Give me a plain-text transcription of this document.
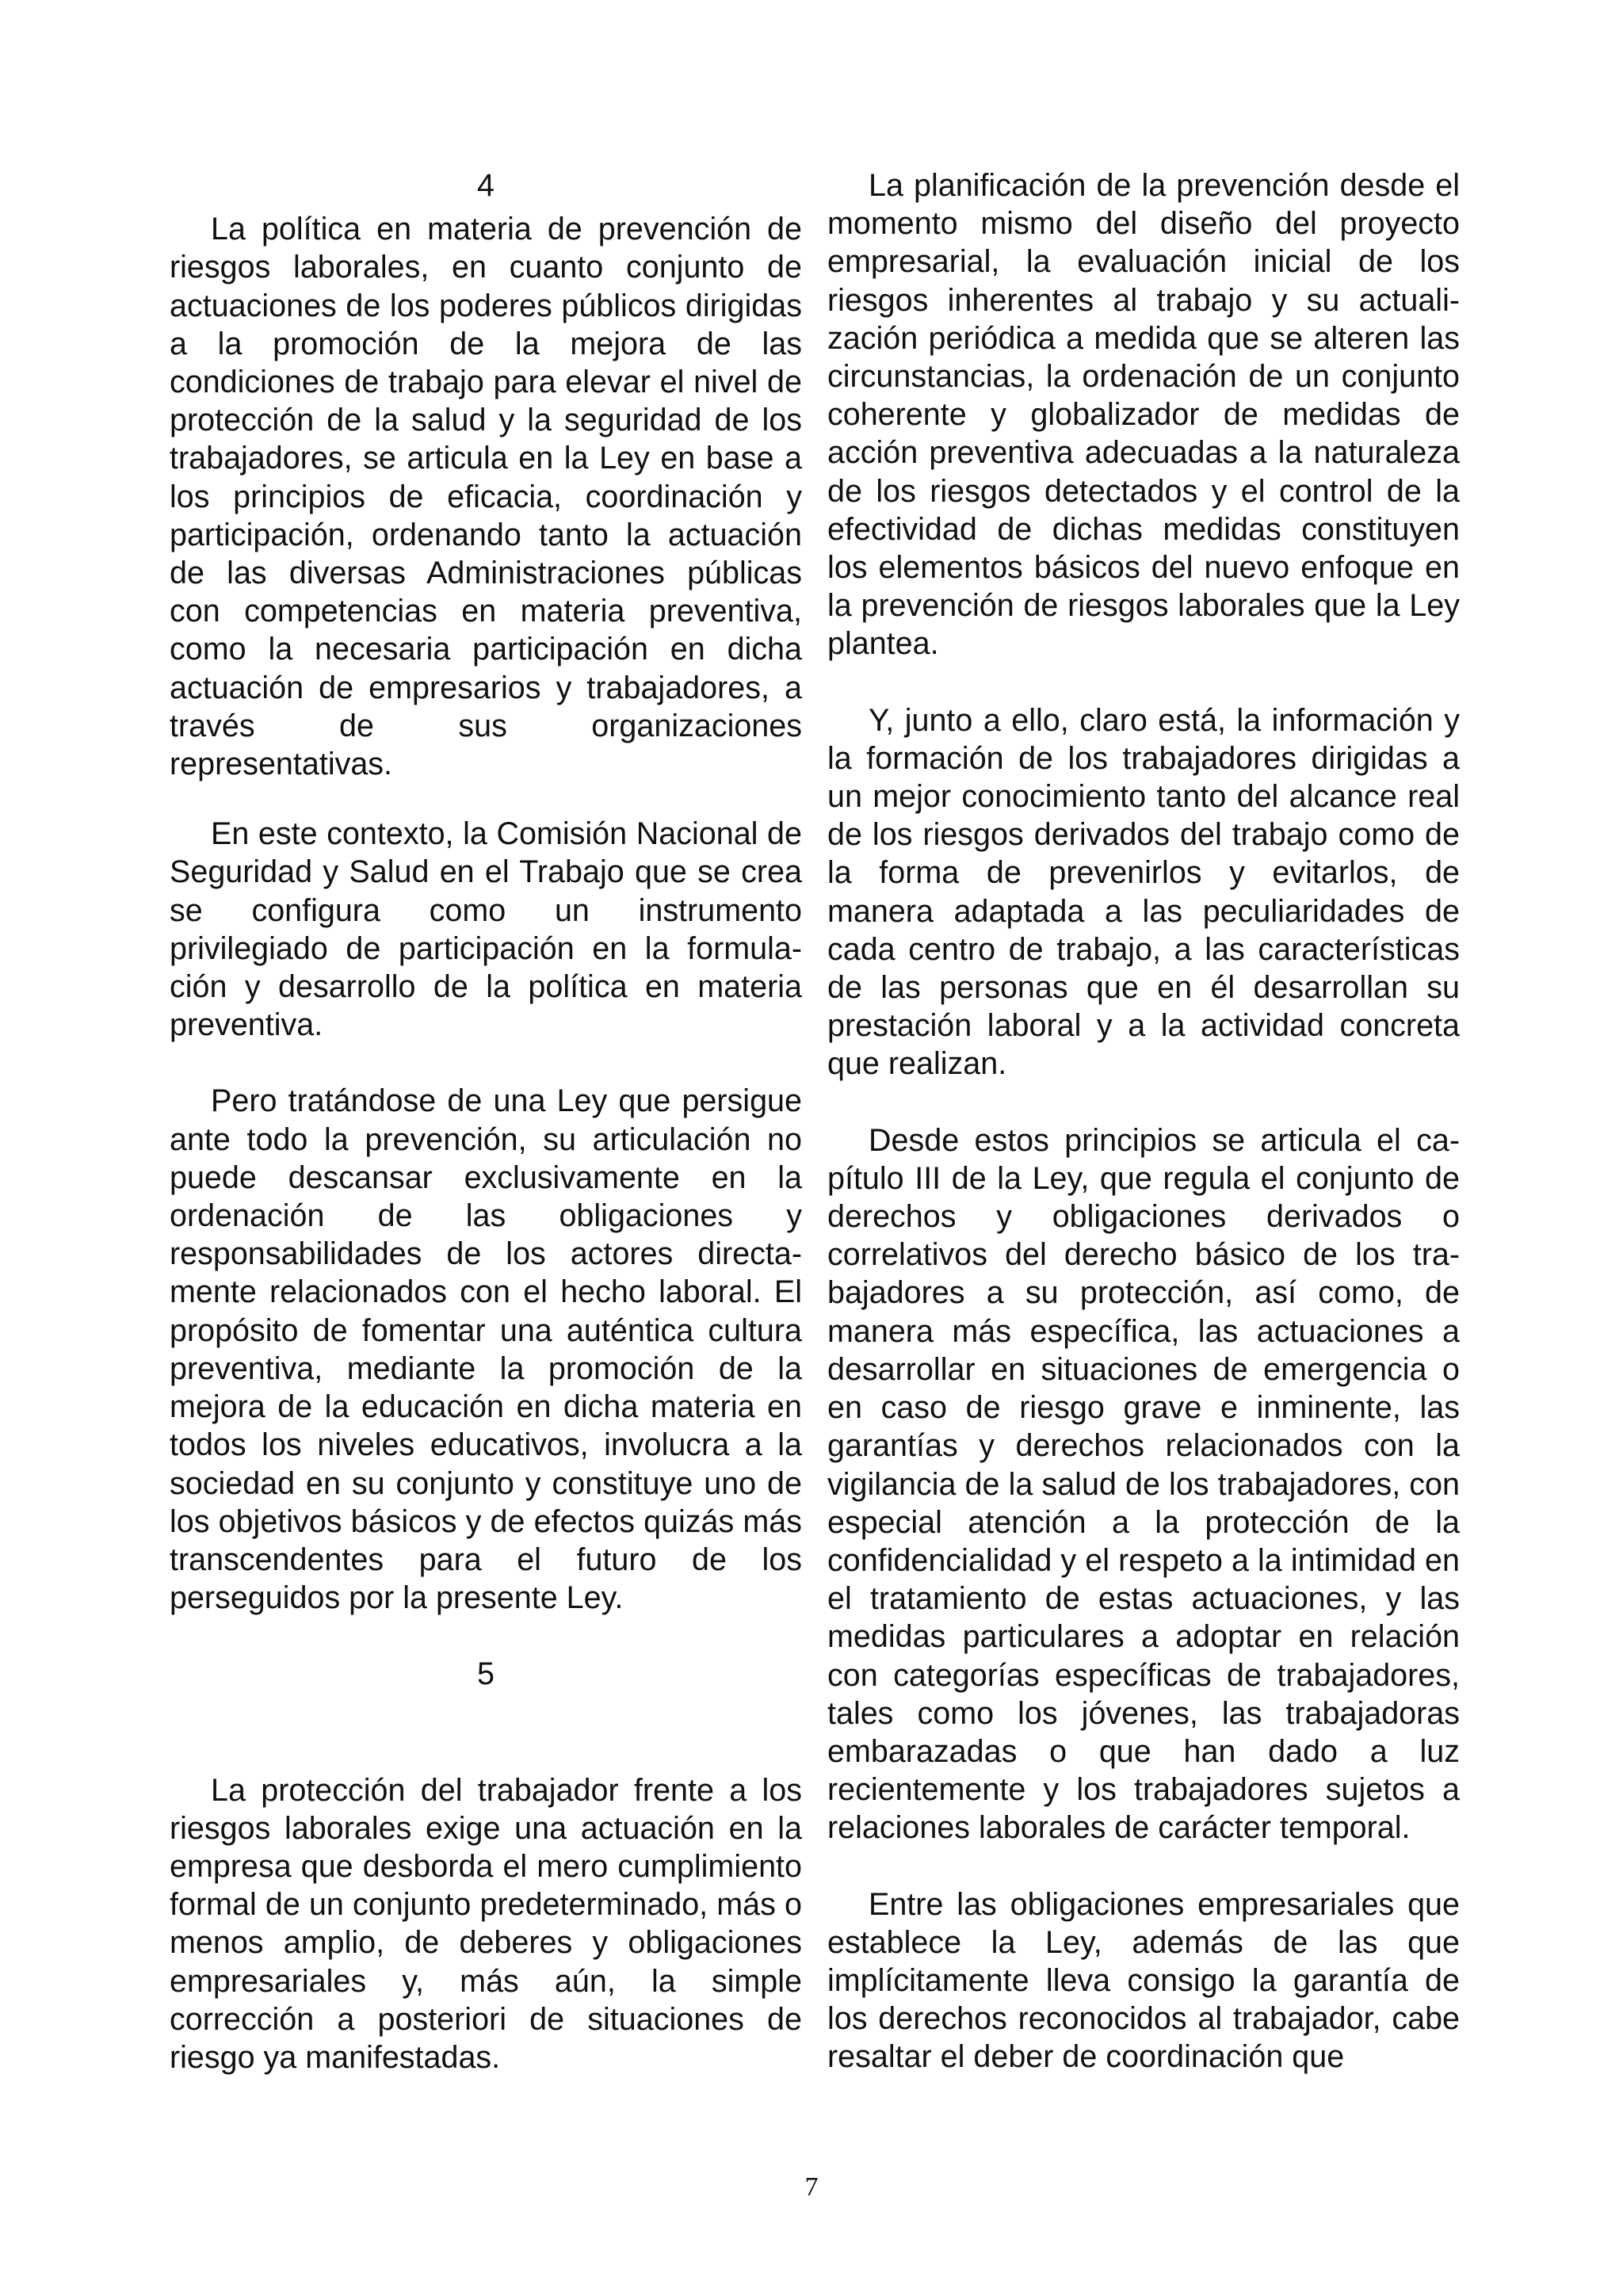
4

La política en materia de prevención de riesgos laborales, en cuanto conjunto de actuaciones de los poderes públicos dirigidas a la promoción de la mejora de las condiciones de trabajo para elevar el nivel de protección de la salud y la seguridad de los trabajadores, se articula en la Ley en base a los principios de eficacia, coordinación y participación, ordenando tanto la actuación de las diversas Administraciones públicas con competencias en materia preventiva, como la necesaria participación en dicha actuación de empresarios y trabajadores, a través de sus organizaciones representativas.

En este contexto, la Comisión Nacional de Seguridad y Salud en el Trabajo que se crea se configura como un instrumento privilegiado de participación en la formulación y desarrollo de la política en materia preventiva.

Pero tratándose de una Ley que persigue ante todo la prevención, su articulación no puede descansar exclusivamente en la ordenación de las obligaciones y responsabilidades de los actores directamente relacionados con el hecho laboral. El propósito de fomentar una auténtica cultura preventiva, mediante la promoción de la mejora de la educación en dicha materia en todos los niveles educativos, involucra a la sociedad en su conjunto y constituye uno de los objetivos básicos y de efectos quizás más transcendentes para el futuro de los perseguidos por la presente Ley.

5

La protección del trabajador frente a los riesgos laborales exige una actuación en la empresa que desborda el mero cumplimiento formal de un conjunto predeterminado, más o menos amplio, de deberes y obligaciones empresariales y, más aún, la simple corrección a posteriori de situaciones de riesgo ya manifestadas.

La planificación de la prevención desde el momento mismo del diseño del proyecto empresarial, la evaluación inicial de los riesgos inherentes al trabajo y su actualización periódica a medida que se alteren las circunstancias, la ordenación de un conjunto coherente y globalizador de medidas de acción preventiva adecuadas a la naturaleza de los riesgos detectados y el control de la efectividad de dichas medidas constituyen los elementos básicos del nuevo enfoque en la prevención de riesgos laborales que la Ley plantea.

Y, junto a ello, claro está, la información y la formación de los trabajadores dirigidas a un mejor conocimiento tanto del alcance real de los riesgos derivados del trabajo como de la forma de prevenirlos y evitarlos, de manera adaptada a las peculiaridades de cada centro de trabajo, a las características de las personas que en él desarrollan su prestación laboral y a la actividad concreta que realizan.

Desde estos principios se articula el capítulo III de la Ley, que regula el conjunto de derechos y obligaciones derivados o correlativos del derecho básico de los trabajadores a su protección, así como, de manera más específica, las actuaciones a desarrollar en situaciones de emergencia o en caso de riesgo grave e inminente, las garantías y derechos relacionados con la vigilancia de la salud de los trabajadores, con especial atención a la protección de la confidencialidad y el respeto a la intimidad en el tratamiento de estas actuaciones, y las medidas particulares a adoptar en relación con categorías específicas de trabajadores, tales como los jóvenes, las trabajadoras embarazadas o que han dado a luz recientemente y los trabajadores sujetos a relaciones laborales de carácter temporal.

Entre las obligaciones empresariales que establece la Ley, además de las que implícitamente lleva consigo la garantía de los derechos reconocidos al trabajador, cabe resaltar el deber de coordinación que

7
